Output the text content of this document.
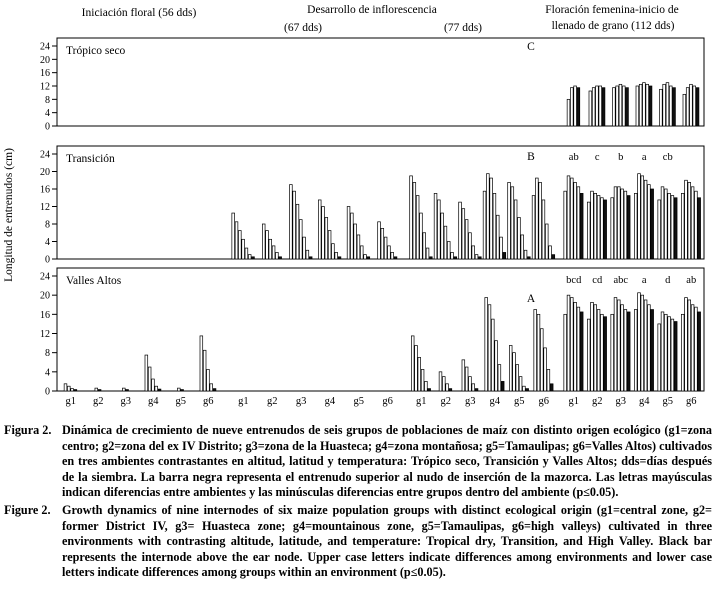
Iniciación floral (56 dds)	Desarrollo de inflorescencia
(67 dds)	(77 dds)
Floración femenina-inicio de
llenado de grano (112 dds)
Longitud de entrenudos (cm)
0
4
8
12
16
20
24 Trópico seco	C
0
4
8
12
16
20
24 Transición	B	ab c b a cb
0
4
8
12
16
20
24 Valles Altos
A
bcd cd abc a d ab
g1 g2 g3 g4 g5 g6 g1 g2 g3 g4 g5 g6 g1 g2 g3 g4 g5 g6 g1 g2 g3 g4 g5 g6
Figura 2. Dinámica de crecimiento de nueve entrenudos de seis grupos de poblaciones de maíz con distinto origen ecológico (g1=zona centro; g2=zona del ex IV Distrito; g3=zona de la Huasteca; g4=zona montañosa; g5=Tamaulipas; g6=Valles Altos) cultivados en tres ambientes contrastantes en altitud, latitud y temperatura: Trópico seco, Transición y Valles Altos; dds=días después de la siembra. La barra negra representa el entrenudo superior al nudo de inserción de la mazorca. Las letras mayúsculas indican diferencias entre ambientes y las minúsculas diferencias entre grupos dentro del ambiente (p≤0.05).
Figure 2. Growth dynamics of nine internodes of six maize population groups with distinct ecological origin (g1=central zone, g2= former District IV, g3= Huasteca zone; g4=mountainous zone, g5=Tamaulipas, g6=high valleys) cultivated in three environments with contrasting altitude, latitude, and temperature: Tropical dry, Transition, and High Valley. Black bar represents the internode above the ear node. Upper case letters indicate differences among environments and lower case letters indicate differences among groups within an environment (p≤0.05).
